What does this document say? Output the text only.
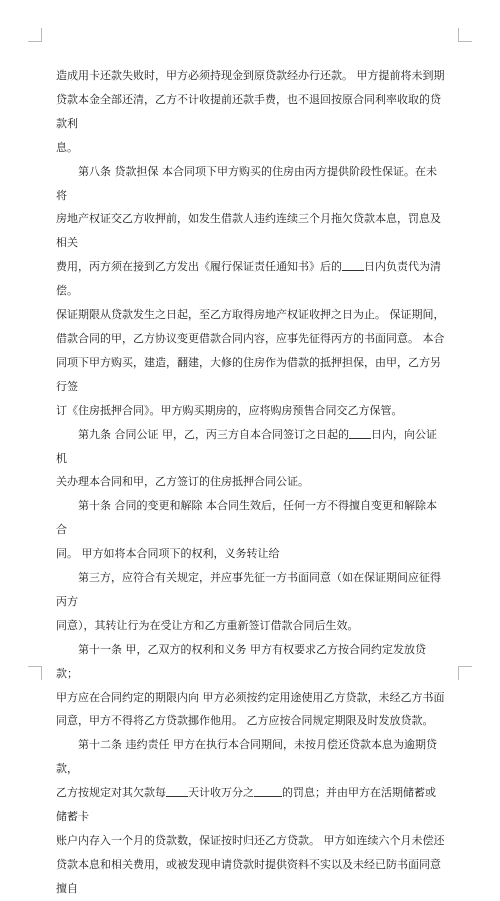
造成用卡还款失败时，甲方必须持现金到原贷款经办行还款。 甲方提前将未到期
贷款本金全部还清，乙方不计收提前还款手费，也不退回按原合同利率收取的贷款利
息。

第八条 贷款担保 本合同项下甲方购买的住房由丙方提供阶段性保证。在未将
房地产权证交乙方收押前，如发生借款人违约连续三个月拖欠贷款本息，罚息及相关
费用，丙方须在接到乙方发出《履行保证责任通知书》后的 日内负责代为清偿。
保证期限从贷款发生之日起，至乙方取得房地产权证收押之日为止。 保证期间，
借款合同的甲，乙方协议变更借款合同内容，应事先征得丙方的书面同意。 本合
同项下甲方购买，建造，翻建，大修的住房作为借款的抵押担保，由甲，乙方另行签
订《住房抵押合同》。甲方购买期房的，应将购房预售合同交乙方保管。

第九条 合同公证 甲，乙，丙三方自本合同签订之日起的 日内，向公证机
关办理本合同和甲，乙方签订的住房抵押合同公证。

第十条 合同的变更和解除 本合同生效后，任何一方不得擅自变更和解除本合
同。 甲方如将本合同项下的权利，义务转让给

第三方，应符合有关规定，并应事先征一方书面同意（如在保证期间应征得丙方
同意），其转让行为在受让方和乙方重新签订借款合同后生效。

第十一条 甲，乙双方的权利和义务 甲方有权要求乙方按合同约定发放贷款；
甲方应在合同约定的期限内向 甲方必须按约定用途使用乙方贷款，未经乙方书面
同意，甲方不得将乙方贷款挪作他用。 乙方应按合同规定期限及时发放贷款。

第十二条 违约责任 甲方在执行本合同期间，未按月偿还贷款本息为逾期贷款，
乙方按规定对其欠款每 天计收万分之	的罚息；并由甲方在活期储蓄或储蓄卡
账户内存入一个月的贷款数，保证按时归还乙方贷款。 甲方如连续六个月未偿还
贷款本息和相关费用，或被发现申请贷款时提供资料不实以及未经已防书面同意擅自
